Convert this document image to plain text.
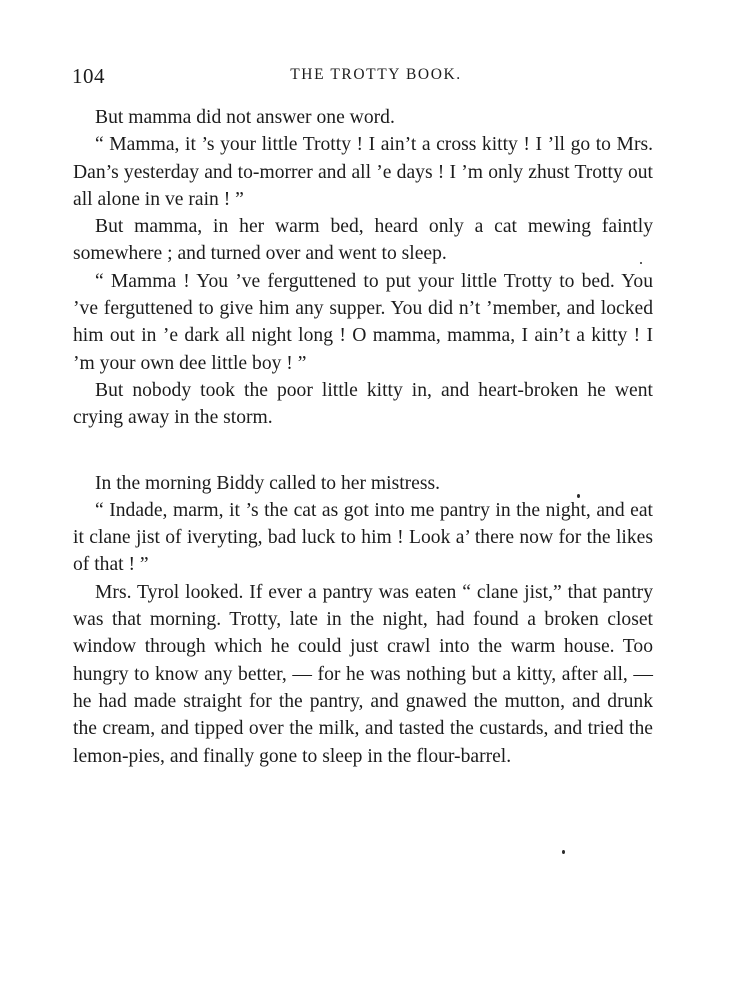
104	THE TROTTY BOOK.

But mamma did not answer one word.

“ Mamma, it ’s your little Trotty ! I ain’t a cross kitty ! I ’ll go to Mrs. Dan’s yesterday and to-morrer and all ’e days ! I ’m only zhust Trotty out all alone in ve rain ! ”

But mamma, in her warm bed, heard only a cat mewing faintly somewhere ; and turned over and went to sleep.

“ Mamma ! You ’ve ferguttened to put your little Trotty to bed. You ’ve ferguttened to give him any supper. You did n’t ’member, and locked him out in ’e dark all night long ! O mamma, mamma, I ain’t a kitty ! I ’m your own dee little boy ! ”

But nobody took the poor little kitty in, and heart-broken he went crying away in the storm.

In the morning Biddy called to her mistress.

“ Indade, marm, it ’s the cat as got into me pantry in the night, and eat it clane jist of iveryting, bad luck to him ! Look a’ there now for the likes of that ! ”

Mrs. Tyrol looked. If ever a pantry was eaten “ clane jist,” that pantry was that morning. Trotty, late in the night, had found a broken closet window through which he could just crawl into the warm house. Too hungry to know any better, — for he was nothing but a kitty, after all, — he had made straight for the pantry, and gnawed the mutton, and drunk the cream, and tipped over the milk, and tasted the custards, and tried the lemon-pies, and finally gone to sleep in the flour-barrel.
